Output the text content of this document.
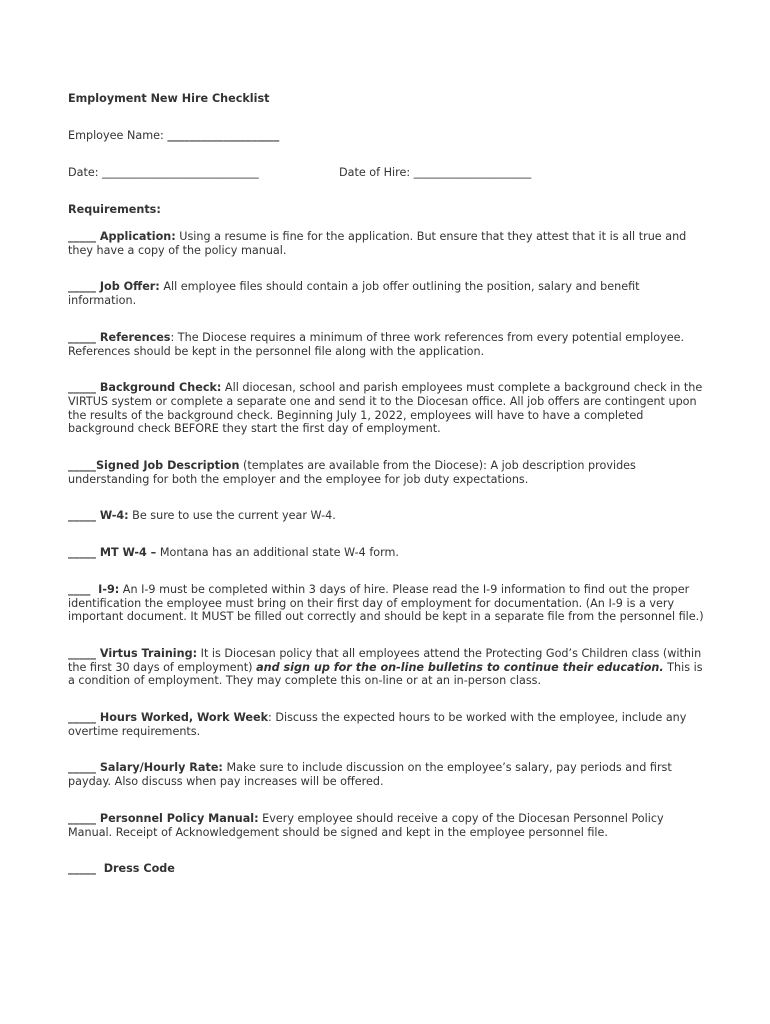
Employment New Hire Checklist

Employee Name: ____________________
Date: ____________________________	Date of Hire: _____________________
Requirements:

_____ Application: Using a resume is fine for the application. But ensure that they attest that it is all true and they have a copy of the policy manual.

_____ Job Offer: All employee files should contain a job offer outlining the position, salary and benefit information.

_____ References: The Diocese requires a minimum of three work references from every potential employee. References should be kept in the personnel file along with the application.

_____ Background Check: All diocesan, school and parish employees must complete a background check in the VIRTUS system or complete a separate one and send it to the Diocesan office. All job offers are contingent upon the results of the background check. Beginning July 1, 2022, employees will have to have a completed background check BEFORE they start the first day of employment.

_____Signed Job Description (templates are available from the Diocese): A job description provides understanding for both the employer and the employee for job duty expectations.

_____ W-4: Be sure to use the current year W-4.

_____ MT W-4 – Montana has an additional state W-4 form.

____  I-9: An I-9 must be completed within 3 days of hire. Please read the I-9 information to find out the proper identification the employee must bring on their first day of employment for documentation. (An I-9 is a very important document. It MUST be filled out correctly and should be kept in a separate file from the personnel file.)

_____ Virtus Training: It is Diocesan policy that all employees attend the Protecting God’s Children class (within the first 30 days of employment) and sign up for the on-line bulletins to continue their education. This is a condition of employment. They may complete this on-line or at an in-person class.

_____ Hours Worked, Work Week: Discuss the expected hours to be worked with the employee, include any overtime requirements.

_____ Salary/Hourly Rate: Make sure to include discussion on the employee’s salary, pay periods and first payday. Also discuss when pay increases will be offered.

_____ Personnel Policy Manual: Every employee should receive a copy of the Diocesan Personnel Policy Manual. Receipt of Acknowledgement should be signed and kept in the employee personnel file.

_____  Dress Code
